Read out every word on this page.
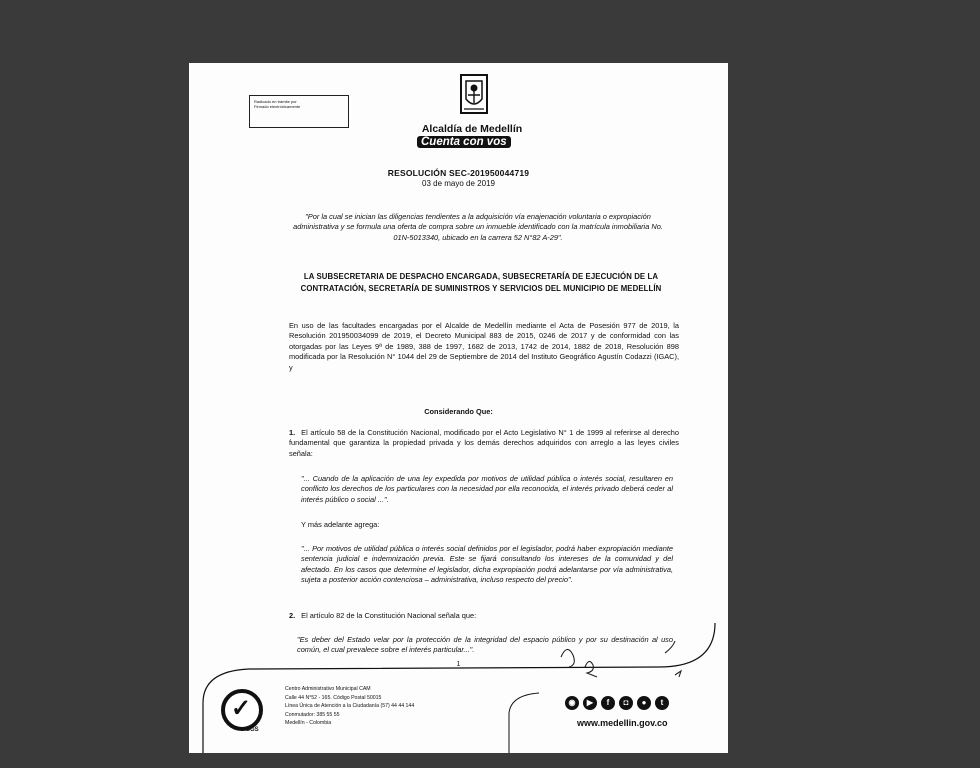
Radicado en trámite por
Firmado electrónicamente
Alcaldía de Medellín
Cuenta con vos
RESOLUCIÓN SEC-201950044719
03 de mayo de 2019
"Por la cual se inician las diligencias tendientes a la adquisición vía enajenación voluntaria o expropiación administrativa y se formula una oferta de compra sobre un inmueble identificado con la matrícula inmobiliaria No. 01N-5013340, ubicado en la carrera 52 N°82 A-29".
LA SUBSECRETARIA DE DESPACHO ENCARGADA, SUBSECRETARÍA DE EJECUCIÓN DE LA CONTRATACIÓN, SECRETARÍA DE SUMINISTROS Y SERVICIOS DEL MUNICIPIO DE MEDELLÍN
En uso de las facultades encargadas por el Alcalde de Medellín mediante el Acta de Posesión 977 de 2019, la Resolución 201950034099 de 2019, el Decreto Municipal 883 de 2015, 0246 de 2017 y de conformidad con las otorgadas por las Leyes 9ª de 1989, 388 de 1997, 1682 de 2013, 1742 de 2014, 1882 de 2018, Resolución 898 modificada por la Resolución N° 1044 del 29 de Septiembre de 2014 del Instituto Geográfico Agustín Codazzi (IGAC), y
Considerando Que:
1. El artículo 58 de la Constitución Nacional, modificado por el Acto Legislativo N° 1 de 1999 al referirse al derecho fundamental que garantiza la propiedad privada y los demás derechos adquiridos con arreglo a las leyes civiles señala:
"... Cuando de la aplicación de una ley expedida por motivos de utilidad pública o interés social, resultaren en conflicto los derechos de los particulares con la necesidad por ella reconocida, el interés privado deberá ceder al interés público o social ...".
Y más adelante agrega:
"... Por motivos de utilidad pública o interés social definidos por el legislador, podrá haber expropiación mediante sentencia judicial e indemnización previa. Este se fijará consultando los intereses de la comunidad y del afectado. En los casos que determine el legislador, dicha expropiación podrá adelantarse por vía administrativa, sujeta a posterior acción contenciosa – administrativa, incluso respecto del precio".
2. El artículo 82 de la Constitución Nacional señala que:
"Es deber del Estado velar por la protección de la integridad del espacio público y por su destinación al uso común, el cual prevalece sobre el interés particular...".
1
✓
SGS
Centro Administrativo Municipal CAM
Calle 44 N°52 - 165. Código Postal 50015
Línea Única de Atención a la Ciudadanía (57) 44 44 144
Conmutador: 385 55 55
Medellín - Colombia
◉	▶	f	◘	●	t
www.medellin.gov.co
